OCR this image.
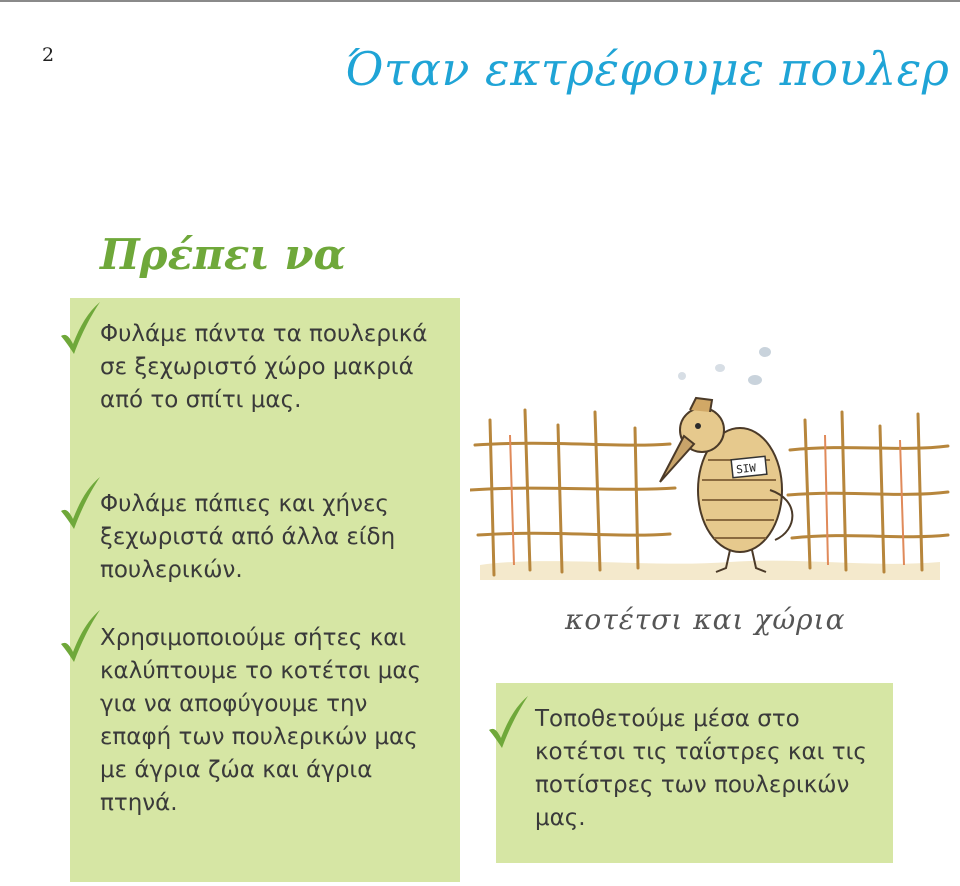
2	Όταν εκτρέφουμε πουλερ
Πρέπει να
Φυλάμε πάντα τα πουλερικά σε ξεχωριστό χώρο μακριά από το σπίτι μας.
Φυλάμε πάπιες και χήνες ξεχωριστά από άλλα είδη πουλερικών.
Χρησιμοποιούμε σήτες και καλύπτουμε το κοτέτσι μας για να αποφύγουμε την επαφή των πουλερικών μας με άγρια ζώα και άγρια πτηνά.
Τοποθετούμε μέσα στο κοτέτσι τις ταΐστρες και τις ποτίστρες των πουλερικών μας.
SIW
κοτέτσι και χώρια
